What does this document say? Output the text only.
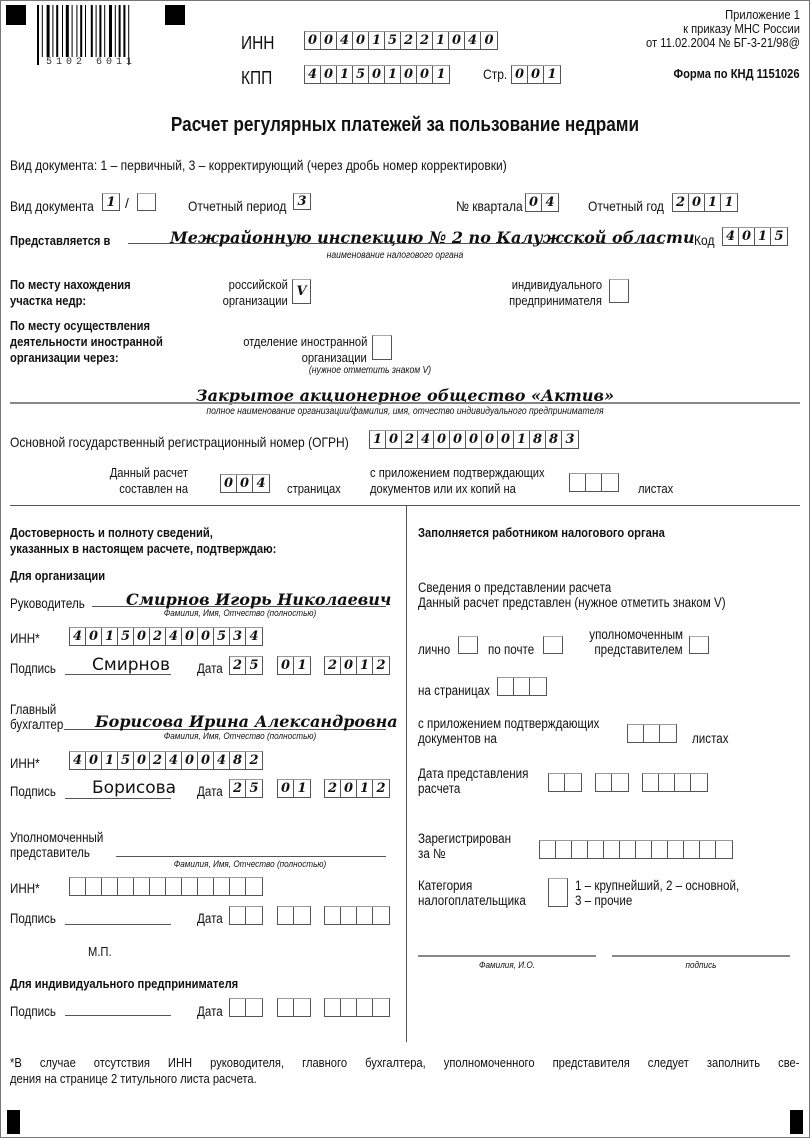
5102 6011
ИНН	0 0 4 0 1 5 2 2 1 0 4 0
КПП	4 0 1 5 0 1 0 0 1	Стр. 0 0 1
Приложение 1
к приказу МНС России
от 11.02.2004 № БГ-3-21/98@
Форма по КНД 1151026
Расчет регулярных платежей за пользование недрами
Вид документа: 1 – первичный, 3 – корректирующий (через дробь номер корректировки)
Вид документа 1 /	Отчетный период 3	№ квартала 0 4 Отчетный год 2 0 1 1
Представляется в	Межрайонную инспекцию № 2 по Калужской области
наименование налогового органа
Код 4 0 1 5
По месту нахождения
участка недр:
российской
организации
V	индивидуального
предпринимателя
По месту осуществления
деятельности иностранной
организации через:
отделение иностранной
организации
(нужное отметить знаком V)
Закрытое акционерное общество «Актив»
полное наименование организации/фамилия, имя, отчество индивидуального предпринимателя
Основной государственный регистрационный номер (ОГРН) 1 0 2 4 0 0 0 0 0 1 8 8 3
Данный расчет
составлен на	0 0 4 страницах
с приложением подтверждающих
документов или их копий на	листах
Достоверность и полноту сведений,
указанных в настоящем расчете, подтверждаю:
Для организации
Руководитель	Смирнов Игорь Николаевич
Фамилия, Имя, Отчество (полностью)
ИНН*	4 0 1 5 0 2 4 0 0 5 3 4
Подпись Смирнов Дата 2 5 0 1 2 0 1 2
Главный
бухгалтер Борисова Ирина Александровна
Фамилия, Имя, Отчество (полностью)
ИНН*	4 0 1 5 0 2 4 0 0 4 8 2
Подпись Борисова Дата 2 5 0 1 2 0 1 2
Уполномоченный
представитель
Фамилия, Имя, Отчество (полностью)
ИНН*
Подпись	Дата
М.П.
Для индивидуального предпринимателя
Подпись	Дата
Заполняется работником налогового органа
Сведения о представлении расчета
Данный расчет представлен (нужное отметить знаком V)
лично	по почте
уполномоченным
представителем
на страницах
с приложением подтверждающих
документов на	листах
Дата представления
расчета
Зарегистрирован
за №
Категория
налогоплательщика
1 – крупнейший, 2 – основной,
3 – прочие
Фамилия, И.О.	подпись
*В случае отсутствия ИНН руководителя, главного бухгалтера, уполномоченного представителя следует заполнить све-
дения на странице 2 титульного листа расчета.
